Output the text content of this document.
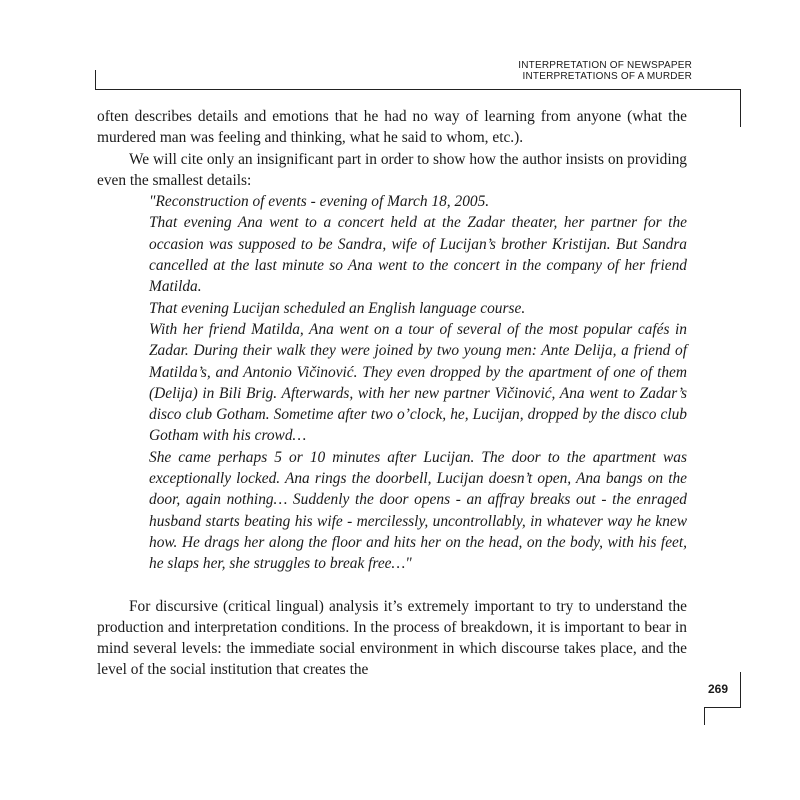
INTERPRETATION OF NEWSPAPER
INTERPRETATIONS OF A MURDER

often describes details and emotions that he had no way of learning from anyone (what the murdered man was feeling and thinking, what he said to whom, etc.).

We will cite only an insignificant part in order to show how the author insists on providing even the smallest details:

"Reconstruction of events - evening of March 18, 2005.

That evening Ana went to a concert held at the Zadar theater, her partner for the occasion was supposed to be Sandra, wife of Lucijan’s brother Kristijan. But Sandra cancelled at the last minute so Ana went to the concert in the company of her friend Matilda.

That evening Lucijan scheduled an English language course.

With her friend Matilda, Ana went on a tour of several of the most popular cafés in Zadar. During their walk they were joined by two young men: Ante Delija, a friend of Matilda’s, and Antonio Vičinović. They even dropped by the apartment of one of them (Delija) in Bili Brig. Afterwards, with her new partner Vičinović, Ana went to Zadar’s disco club Gotham. Sometime after two o’clock, he, Lucijan, dropped by the disco club Gotham with his crowd…

She came perhaps 5 or 10 minutes after Lucijan. The door to the apartment was exceptionally locked. Ana rings the doorbell, Lucijan doesn’t open, Ana bangs on the door, again nothing… Suddenly the door opens - an affray breaks out - the enraged husband starts beating his wife - mercilessly, uncontrollably, in whatever way he knew how. He drags her along the floor and hits her on the head, on the body, with his feet, he slaps her, she struggles to break free…"

For discursive (critical lingual) analysis it’s extremely important to try to understand the production and interpretation conditions. In the process of breakdown, it is important to bear in mind several levels: the immediate social environment in which discourse takes place, and the level of the social institution that creates the

269
